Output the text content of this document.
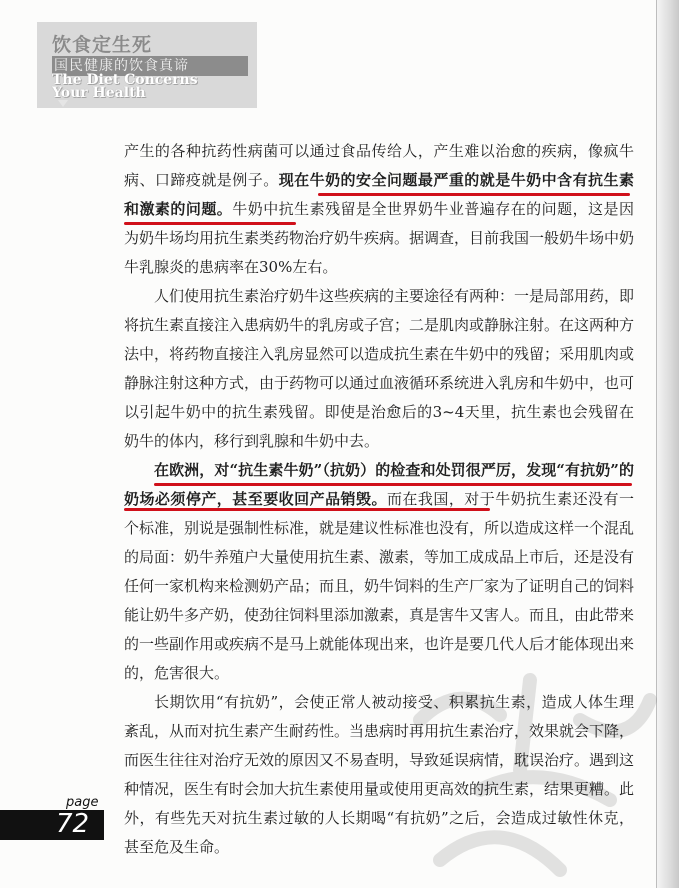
饮食定生死
国民健康的饮食真谛
The Diet Concerns
Your Health

产生的各种抗药性病菌可以通过食品传给人，产生难以治愈的疾病，像疯牛病、口蹄疫就是例子。现在牛奶的安全问题最严重的就是牛奶中含有抗生素和激素的问题。牛奶中抗生素残留是全世界奶牛业普遍存在的问题，这是因为奶牛场均用抗生素类药物治疗奶牛疾病。据调查，目前我国一般奶牛场中奶牛乳腺炎的患病率在30%左右。

人们使用抗生素治疗奶牛这些疾病的主要途径有两种：一是局部用药，即将抗生素直接注入患病奶牛的乳房或子宫；二是肌肉或静脉注射。在这两种方法中，将药物直接注入乳房显然可以造成抗生素在牛奶中的残留；采用肌肉或静脉注射这种方式，由于药物可以通过血液循环系统进入乳房和牛奶中，也可以引起牛奶中的抗生素残留。即使是治愈后的3~4天里，抗生素也会残留在奶牛的体内，移行到乳腺和牛奶中去。

在欧洲，对“抗生素牛奶”（抗奶）的检查和处罚很严厉，发现“有抗奶”的奶场必须停产，甚至要收回产品销毁。而在我国，对于牛奶抗生素还没有一个标准，别说是强制性标准，就是建议性标准也没有，所以造成这样一个混乱的局面：奶牛养殖户大量使用抗生素、激素，等加工成成品上市后，还是没有任何一家机构来检测奶产品；而且，奶牛饲料的生产厂家为了证明自己的饲料能让奶牛多产奶，使劲往饲料里添加激素，真是害牛又害人。而且，由此带来的一些副作用或疾病不是马上就能体现出来，也许是要几代人后才能体现出来的，危害很大。

长期饮用“有抗奶”，会使正常人被动接受、积累抗生素，造成人体生理紊乱，从而对抗生素产生耐药性。当患病时再用抗生素治疗，效果就会下降，而医生往往对治疗无效的原因又不易查明，导致延误病情，耽误治疗。遇到这种情况，医生有时会加大抗生素使用量或使用更高效的抗生素，结果更糟。此外，有些先天对抗生素过敏的人长期喝“有抗奶”之后，会造成过敏性休克，甚至危及生命。

page
72
